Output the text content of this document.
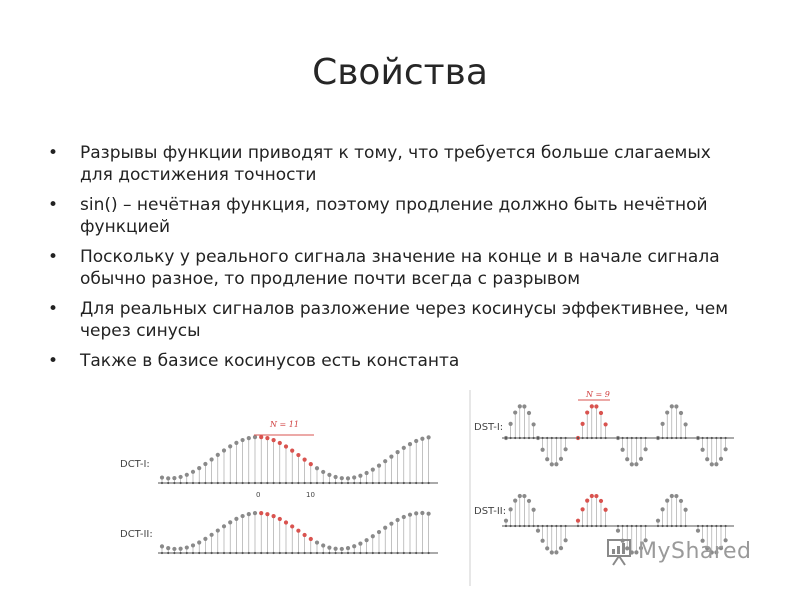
Свойства
• Разрывы функции приводят к тому, что требуется больше слагаемых для достижения точности
• sin() – нечётная функция, поэтому продление должно быть нечётной функцией
• Поскольку у реального сигнала значение на конце и в начале сигнала обычно разное, то продление почти всегда с разрывом
• Для реальных сигналов разложение через косинусы эффективнее, чем через синусы
• Также в базисе косинусов есть константа
DCT-I:
DCT-II:
N = 11
0	10
DST-I:
DST-II:
N = 9
MyShared
